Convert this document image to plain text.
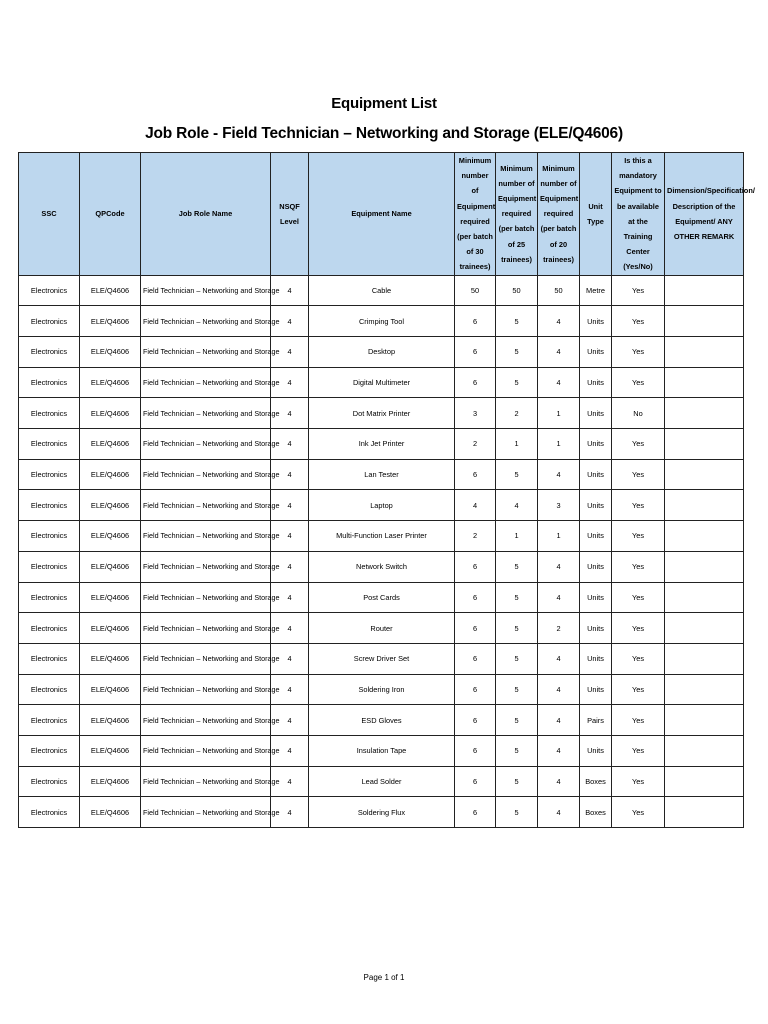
Equipment List
Job Role - Field Technician – Networking and Storage (ELE/Q4606)
SSC	QPCode	Job Role Name	NSQF Level	Equipment Name	Minimum number of Equipment required (per batch of 30 trainees)	Minimum number of Equipment required (per batch of 25 trainees)	Minimum number of Equipment required (per batch of 20 trainees)	Unit Type	Is this a mandatory Equipment to be available at the Training Center (Yes/No)	Dimension/Specification/ Description of the Equipment/ ANY OTHER REMARK
Electronics	ELE/Q4606	Field Technician – Networking and Storage	4	Cable	50	50	50	Metre	Yes	
Electronics	ELE/Q4606	Field Technician – Networking and Storage	4	Crimping Tool	6	5	4	Units	Yes	
Electronics	ELE/Q4606	Field Technician – Networking and Storage	4	Desktop	6	5	4	Units	Yes	
Electronics	ELE/Q4606	Field Technician – Networking and Storage	4	Digital Multimeter	6	5	4	Units	Yes	
Electronics	ELE/Q4606	Field Technician – Networking and Storage	4	Dot Matrix Printer	3	2	1	Units	No	
Electronics	ELE/Q4606	Field Technician – Networking and Storage	4	Ink Jet Printer	2	1	1	Units	Yes	
Electronics	ELE/Q4606	Field Technician – Networking and Storage	4	Lan Tester	6	5	4	Units	Yes	
Electronics	ELE/Q4606	Field Technician – Networking and Storage	4	Laptop	4	4	3	Units	Yes	
Electronics	ELE/Q4606	Field Technician – Networking and Storage	4	Multi-Function Laser Printer	2	1	1	Units	Yes	
Electronics	ELE/Q4606	Field Technician – Networking and Storage	4	Network Switch	6	5	4	Units	Yes	
Electronics	ELE/Q4606	Field Technician – Networking and Storage	4	Post Cards	6	5	4	Units	Yes	
Electronics	ELE/Q4606	Field Technician – Networking and Storage	4	Router	6	5	2	Units	Yes	
Electronics	ELE/Q4606	Field Technician – Networking and Storage	4	Screw Driver Set	6	5	4	Units	Yes	
Electronics	ELE/Q4606	Field Technician – Networking and Storage	4	Soldering Iron	6	5	4	Units	Yes	
Electronics	ELE/Q4606	Field Technician – Networking and Storage	4	ESD Gloves	6	5	4	Pairs	Yes	
Electronics	ELE/Q4606	Field Technician – Networking and Storage	4	Insulation Tape	6	5	4	Units	Yes	
Electronics	ELE/Q4606	Field Technician – Networking and Storage	4	Lead Solder	6	5	4	Boxes	Yes	
Electronics	ELE/Q4606	Field Technician – Networking and Storage	4	Soldering Flux	6	5	4	Boxes	Yes	
Page 1 of 1
